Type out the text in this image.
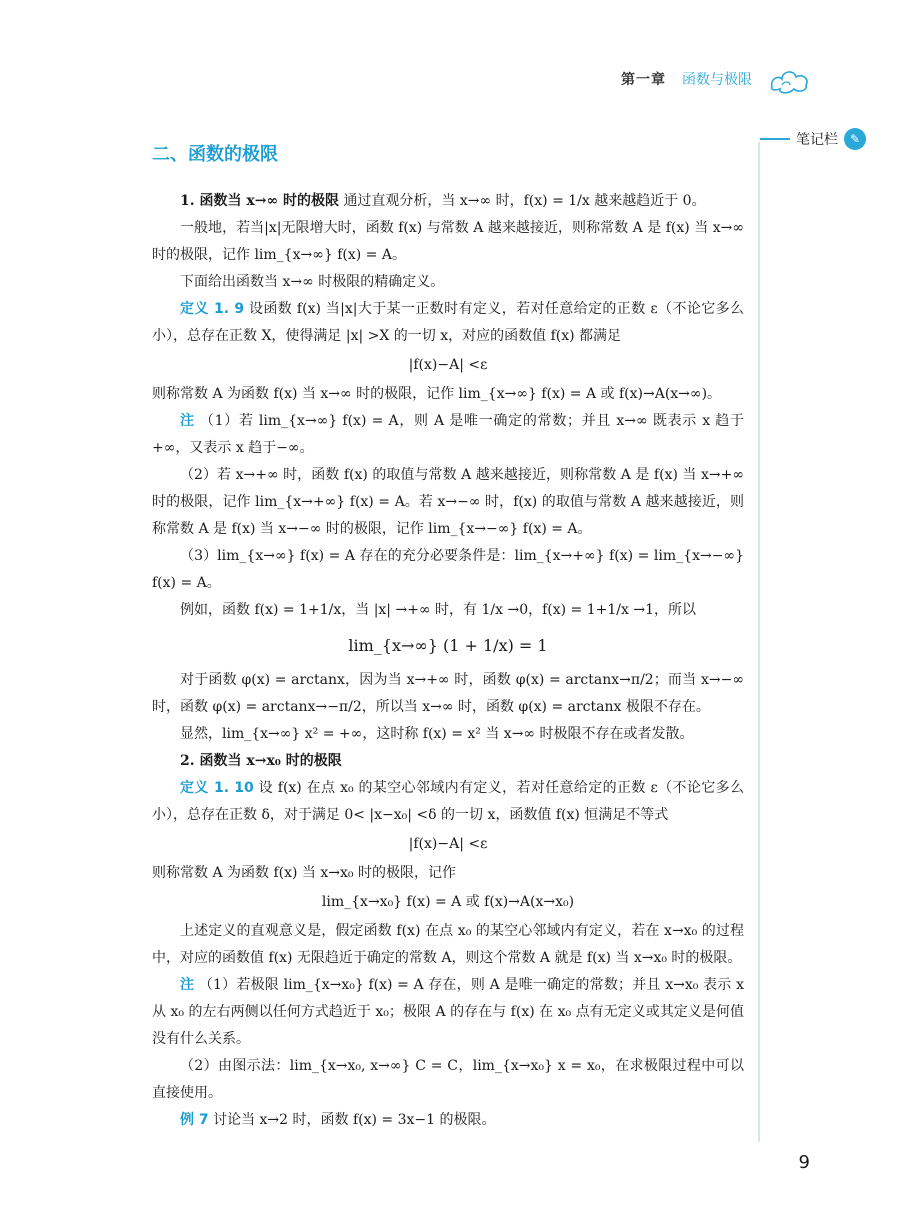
第一章 函数与极限
笔记栏 ✎
二、函数的极限

1. 函数当 x→∞ 时的极限 通过直观分析，当 x→∞ 时，f(x) = 1/x 越来越趋近于 0。

一般地，若当|x|无限增大时，函数 f(x) 与常数 A 越来越接近，则称常数 A 是 f(x) 当 x→∞ 时的极限，记作 lim_{x→∞} f(x) = A。

下面给出函数当 x→∞ 时极限的精确定义。

定义 1. 9 设函数 f(x) 当|x|大于某一正数时有定义，若对任意给定的正数 ε（不论它多么小），总存在正数 X，使得满足 |x| >X 的一切 x，对应的函数值 f(x) 都满足

|f(x)−A| <ε

则称常数 A 为函数 f(x) 当 x→∞ 时的极限，记作 lim_{x→∞} f(x) = A 或 f(x)→A(x→∞)。

注 （1）若 lim_{x→∞} f(x) = A，则 A 是唯一确定的常数；并且 x→∞ 既表示 x 趋于+∞，又表示 x 趋于−∞。

（2）若 x→+∞ 时，函数 f(x) 的取值与常数 A 越来越接近，则称常数 A 是 f(x) 当 x→+∞ 时的极限，记作 lim_{x→+∞} f(x) = A。若 x→−∞ 时，f(x) 的取值与常数 A 越来越接近，则称常数 A 是 f(x) 当 x→−∞ 时的极限，记作 lim_{x→−∞} f(x) = A。

（3）lim_{x→∞} f(x) = A 存在的充分必要条件是：lim_{x→+∞} f(x) = lim_{x→−∞} f(x) = A。

例如，函数 f(x) = 1+1/x，当 |x| →+∞ 时，有 1/x →0，f(x) = 1+1/x →1，所以

lim_{x→∞} (1 + 1/x) = 1

对于函数 φ(x) = arctanx，因为当 x→+∞ 时，函数 φ(x) = arctanx→π/2；而当 x→−∞ 时，函数 φ(x) = arctanx→−π/2，所以当 x→∞ 时，函数 φ(x) = arctanx 极限不存在。

显然，lim_{x→∞} x² = +∞，这时称 f(x) = x² 当 x→∞ 时极限不存在或者发散。

2. 函数当 x→x₀ 时的极限

定义 1. 10 设 f(x) 在点 x₀ 的某空心邻域内有定义，若对任意给定的正数 ε（不论它多么小），总存在正数 δ，对于满足 0< |x−x₀| <δ 的一切 x，函数值 f(x) 恒满足不等式

|f(x)−A| <ε

则称常数 A 为函数 f(x) 当 x→x₀ 时的极限，记作

lim_{x→x₀} f(x) = A 或 f(x)→A(x→x₀)

上述定义的直观意义是，假定函数 f(x) 在点 x₀ 的某空心邻域内有定义，若在 x→x₀ 的过程中，对应的函数值 f(x) 无限趋近于确定的常数 A，则这个常数 A 就是 f(x) 当 x→x₀ 时的极限。

注 （1）若极限 lim_{x→x₀} f(x) = A 存在，则 A 是唯一确定的常数；并且 x→x₀ 表示 x 从 x₀ 的左右两侧以任何方式趋近于 x₀；极限 A 的存在与 f(x) 在 x₀ 点有无定义或其定义是何值没有什么关系。

（2）由图示法：lim_{x→x₀, x→∞} C = C，lim_{x→x₀} x = x₀，在求极限过程中可以直接使用。

例 7 讨论当 x→2 时，函数 f(x) = 3x−1 的极限。

9
